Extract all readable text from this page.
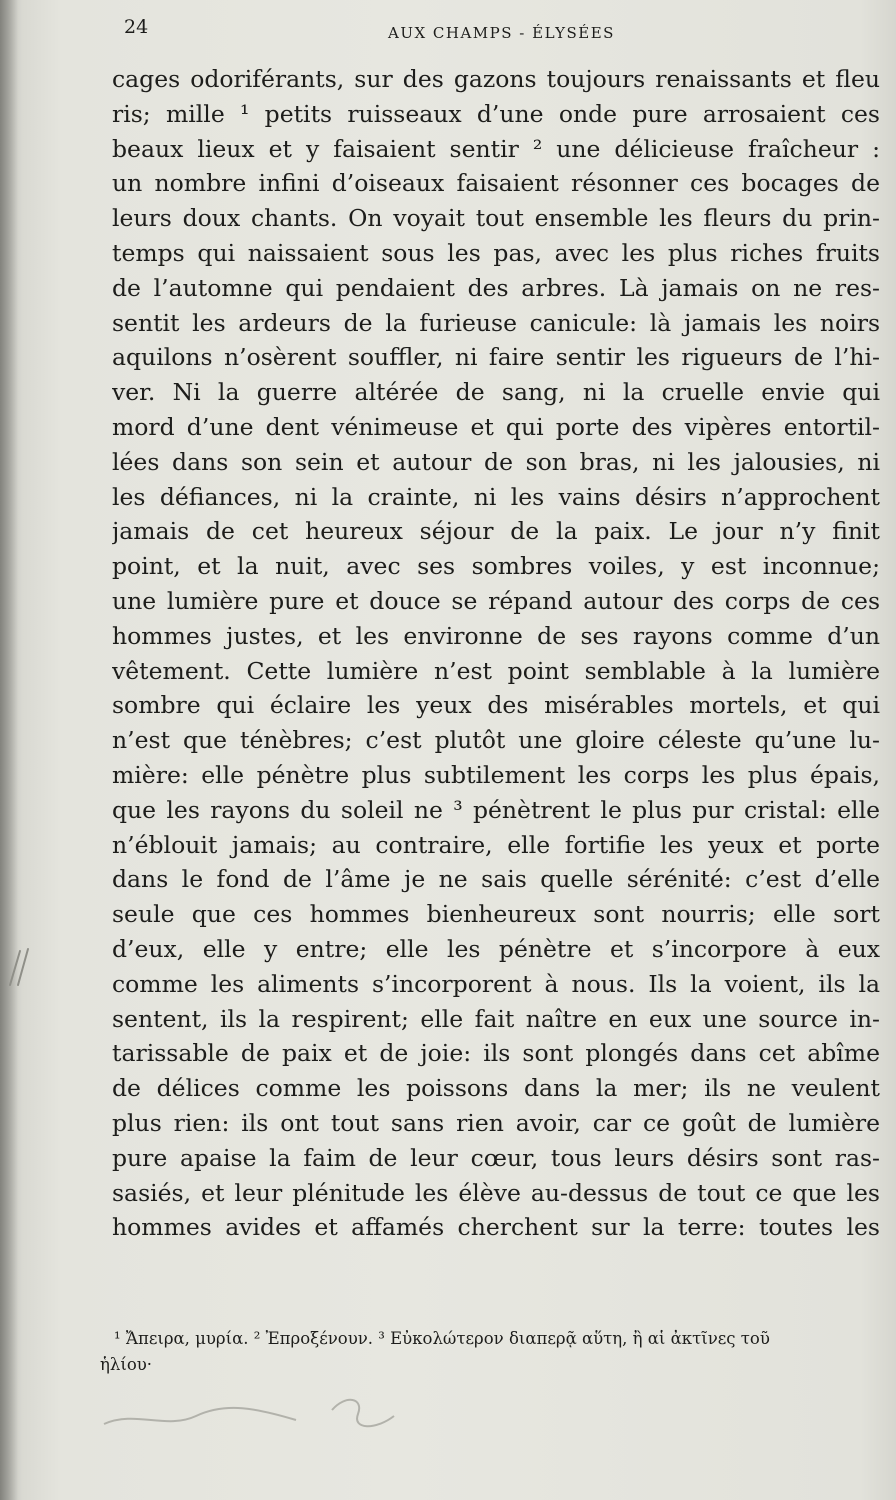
24	AUX CHAMPS - ÉLYSÉES
cages odoriférants, sur des gazons toujours renaissants et fleu
ris; mille ¹ petits ruisseaux d’une onde pure arrosaient ces
beaux lieux et y faisaient sentir ² une délicieuse fraîcheur :
un nombre infini d’oiseaux faisaient résonner ces bocages de
leurs doux chants. On voyait tout ensemble les fleurs du prin-
temps qui naissaient sous les pas, avec les plus riches fruits
de l’automne qui pendaient des arbres. Là jamais on ne res-
sentit les ardeurs de la furieuse canicule: là jamais les noirs
aquilons n’osèrent souffler, ni faire sentir les rigueurs de l’hi-
ver. Ni la guerre altérée de sang, ni la cruelle envie qui
mord d’une dent vénimeuse et qui porte des vipères entortil-
lées dans son sein et autour de son bras, ni les jalousies, ni
les défiances, ni la crainte, ni les vains désirs n’approchent
jamais de cet heureux séjour de la paix. Le jour n’y finit
point, et la nuit, avec ses sombres voiles, y est inconnue;
une lumière pure et douce se répand autour des corps de ces
hommes justes, et les environne de ses rayons comme d’un
vêtement. Cette lumière n’est point semblable à la lumière
sombre qui éclaire les yeux des misérables mortels, et qui
n’est que ténèbres; c’est plutôt une gloire céleste qu’une lu-
mière: elle pénètre plus subtilement les corps les plus épais,
que les rayons du soleil ne ³ pénètrent le plus pur cristal: elle
n’éblouit jamais; au contraire, elle fortifie les yeux et porte
dans le fond de l’âme je ne sais quelle sérénité: c’est d’elle
seule que ces hommes bienheureux sont nourris; elle sort
d’eux, elle y entre; elle les pénètre et s’incorpore à eux
comme les aliments s’incorporent à nous. Ils la voient, ils la
sentent, ils la respirent; elle fait naître en eux une source in-
tarissable de paix et de joie: ils sont plongés dans cet abîme
de délices comme les poissons dans la mer; ils ne veulent
plus rien: ils ont tout sans rien avoir, car ce goût de lumière
pure apaise la faim de leur cœur, tous leurs désirs sont ras-
sasiés, et leur plénitude les élève au-dessus de tout ce que les
hommes avides et affamés cherchent sur la terre: toutes les
¹ Ἄπειρα, μυρία. ² Ἐπροξένουν. ³ Εὐκολώτερον διαπερᾷ αὕτη, ἢ αἱ ἀκτῖνες τοῦ
ἡλίου·
